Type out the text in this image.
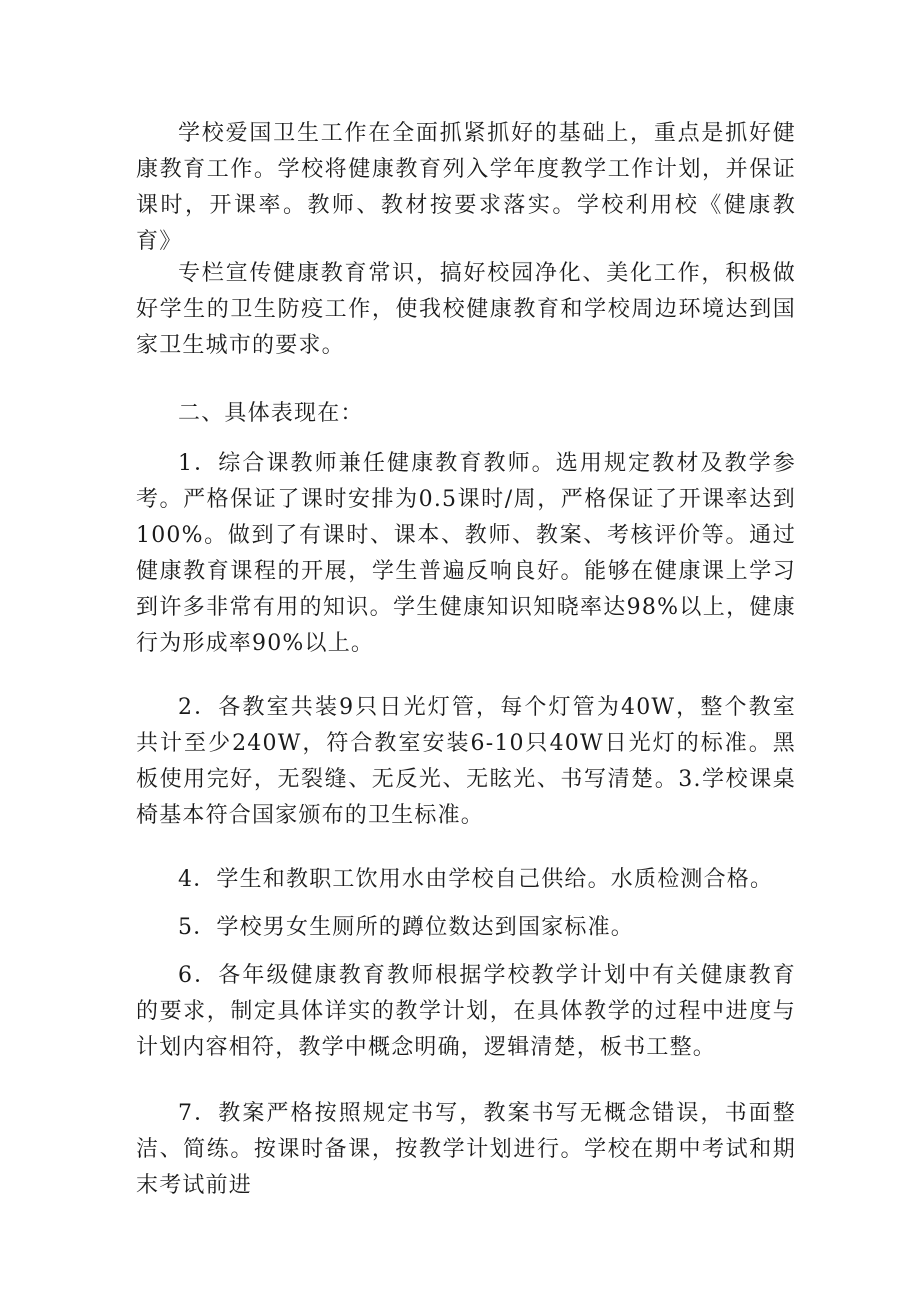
学校爱国卫生工作在全面抓紧抓好的基础上，重点是抓好健康教育工作。学校将健康教育列入学年度教学工作计划，并保证课时，开课率。教师、教材按要求落实。学校利用校《健康教育》

专栏宣传健康教育常识，搞好校园净化、美化工作，积极做好学生的卫生防疫工作，使我校健康教育和学校周边环境达到国家卫生城市的要求。

二、具体表现在：

1．综合课教师兼任健康教育教师。选用规定教材及教学参考。严格保证了课时安排为0.5课时/周，严格保证了开课率达到100%。做到了有课时、课本、教师、教案、考核评价等。通过健康教育课程的开展，学生普遍反响良好。能够在健康课上学习到许多非常有用的知识。学生健康知识知晓率达98%以上，健康行为形成率90%以上。

2．各教室共装9只日光灯管，每个灯管为40W，整个教室共计至少240W，符合教室安装6-10只40W日光灯的标准。黑板使用完好，无裂缝、无反光、无眩光、书写清楚。3.学校课桌椅基本符合国家颁布的卫生标准。

4．学生和教职工饮用水由学校自己供给。水质检测合格。

5．学校男女生厕所的蹲位数达到国家标准。

6．各年级健康教育教师根据学校教学计划中有关健康教育的要求，制定具体详实的教学计划，在具体教学的过程中进度与计划内容相符，教学中概念明确，逻辑清楚，板书工整。

7．教案严格按照规定书写，教案书写无概念错误，书面整洁、简练。按课时备课，按教学计划进行。学校在期中考试和期末考试前进
